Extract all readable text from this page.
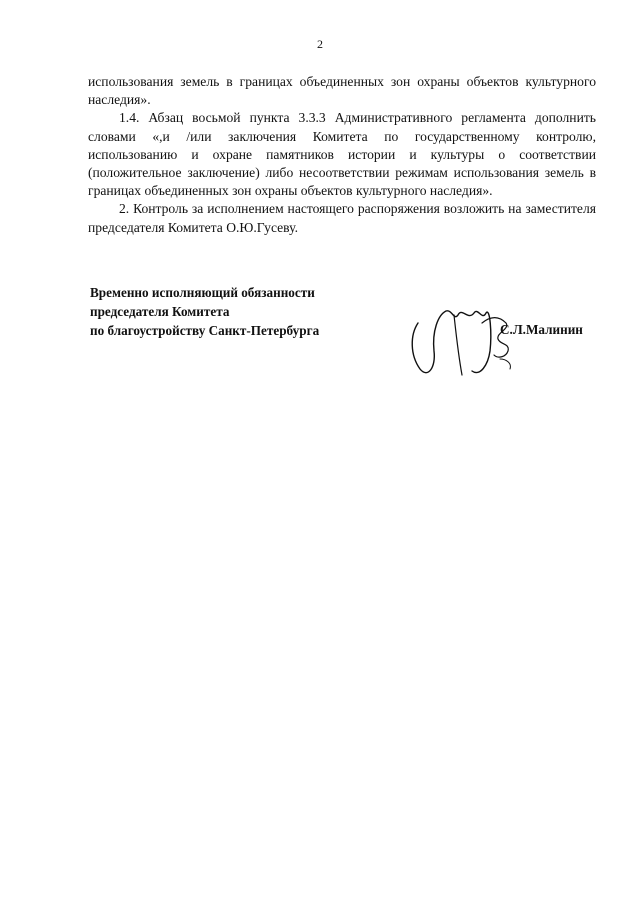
2

использования земель в границах объединенных зон охраны объектов культурного наследия».

1.4. Абзац восьмой пункта 3.3.3 Административного регламента дополнить словами «,и /или заключения Комитета по государственному контролю, использованию и охране памятников истории и культуры о соответствии (положительное заключение) либо несоответствии режимам использования земель в границах объединенных зон охраны объектов культурного наследия».

2. Контроль за исполнением настоящего распоряжения возложить на заместителя председателя Комитета О.Ю.Гусеву.

Временно исполняющий обязанности
председателя Комитета
по благоустройству Санкт-Петербурга	С.Л.Малинин
